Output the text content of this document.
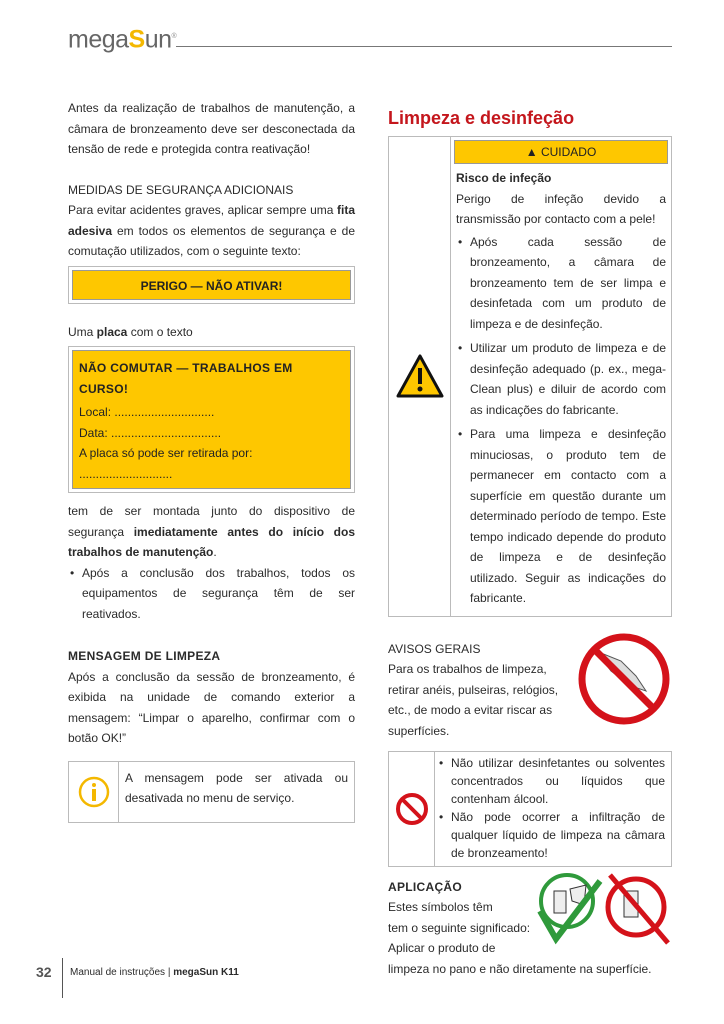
megaSun®

Antes da realização de trabalhos de manutenção, a câmara de bronzeamento deve ser desconectada da tensão de rede e protegida contra reativação!

MEDIDAS DE SEGURANÇA ADICIONAIS

Para evitar acidentes graves, aplicar sempre uma fita adesiva em todos os elementos de segurança e de comutação utilizados, com o seguinte texto:

PERIGO — NÃO ATIVAR!

Uma placa com o texto

NÃO COMUTAR — TRABALHOS EM CURSO!
Local: ..............................
Data: .................................
A placa só pode ser retirada por: ............................

tem de ser montada junto do dispositivo de segurança imediatamente antes do início dos trabalhos de manutenção.

• Após a conclusão dos trabalhos, todos os equipamentos de segurança têm de ser reativados.
MENSAGEM DE LIMPEZA

Após a conclusão da sessão de bronzeamento, é exibida na unidade de comando exterior a mensagem: “Limpar o aparelho, confirmar com o botão OK!”

A mensagem pode ser ativada ou desativada no menu de serviço.

Limpeza e desinfeção
▲ CUIDADO
Risco de infeção

Perigo de infeção devido a transmissão por contacto com a pele!

• Após cada sessão de bronzeamento, a câmara de bronzeamento tem de ser limpa e desinfetada com um produto de limpeza e de desinfeção.
• Utilizar um produto de limpeza e de desinfeção adequado (p. ex., mega-Clean plus) e diluir de acordo com as indicações do fabricante.
• Para uma limpeza e desinfeção minuciosas, o produto tem de permanecer em contacto com a superfície em questão durante um determinado período de tempo. Este tempo indicado depende do produto de limpeza e de desinfeção utilizado. Seguir as indicações do fabricante.
AVISOS GERAIS

Para os trabalhos de limpeza, retirar anéis, pulseiras, relógios, etc., de modo a evitar riscar as superfícies.

• Não utilizar desinfetantes ou solventes concentrados ou líquidos que contenham álcool.
• Não pode ocorrer a infiltração de qualquer líquido de limpeza na câmara de bronzeamento!
APLICAÇÃO
Estes símbolos têm
tem o seguinte significado:
Aplicar o produto de
limpeza no pano e não diretamente na superfície.
32 Manual de instruções | megaSun K11
